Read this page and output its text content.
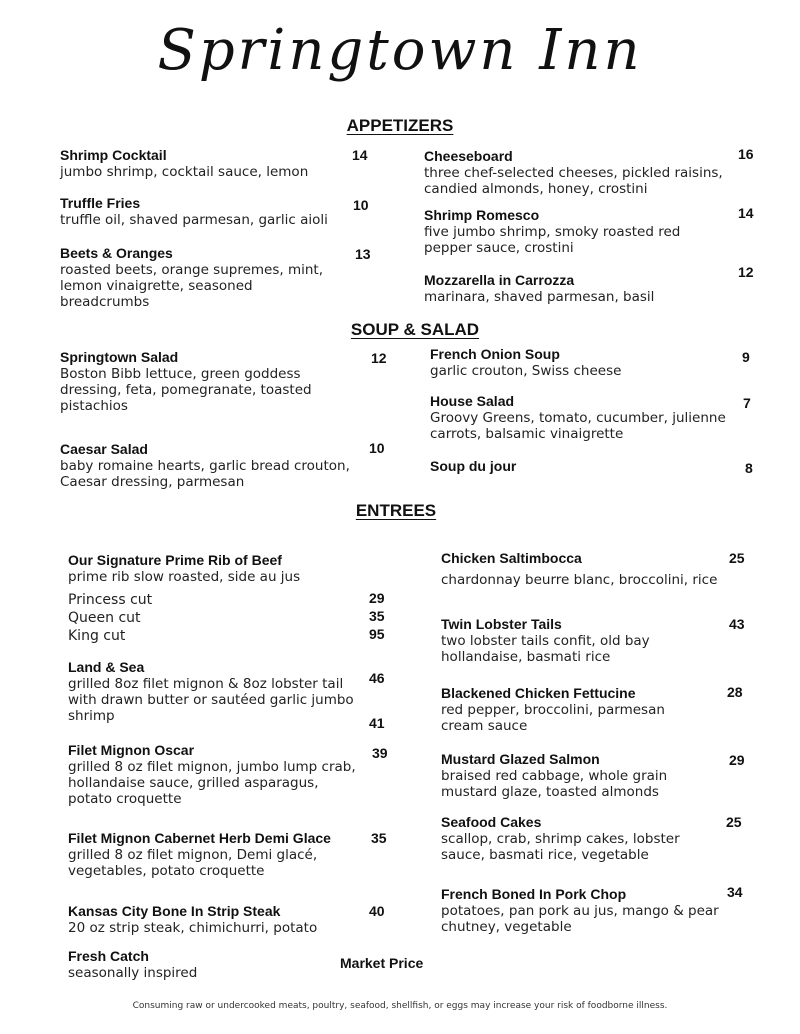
Springtown Inn
APPETIZERS
Shrimp Cocktail
jumbo shrimp, cocktail sauce, lemon
14
Truffle Fries
truffle oil, shaved parmesan, garlic aioli
10
Beets & Oranges
roasted beets, orange supremes, mint, lemon vinaigrette, seasoned breadcrumbs
13
Cheeseboard
three chef-selected cheeses, pickled raisins, candied almonds, honey, crostini
16
Shrimp Romesco
five jumbo shrimp, smoky roasted red pepper sauce, crostini
14
Mozzarella in Carrozza
marinara, shaved parmesan, basil
12
SOUP & SALAD
Springtown Salad
Boston Bibb lettuce, green goddess dressing, feta, pomegranate, toasted pistachios
12
Caesar Salad
baby romaine hearts, garlic bread crouton, Caesar dressing, parmesan
10
French Onion Soup
garlic crouton, Swiss cheese
9
House Salad
Groovy Greens, tomato, cucumber, julienne carrots, balsamic vinaigrette
7
Soup du jour	8
ENTREES
Our Signature Prime Rib of Beef
prime rib slow roasted, side au jus
Princess cut	29
Queen cut	35
King cut	95
Land & Sea
grilled 8oz filet mignon & 8oz lobster tail with drawn butter or sautéed garlic jumbo shrimp
46
41
Filet Mignon Oscar
grilled 8 oz filet mignon, jumbo lump crab, hollandaise sauce, grilled asparagus, potato croquette
39
Filet Mignon Cabernet Herb Demi Glace
grilled 8 oz filet mignon, Demi glacé, vegetables, potato croquette
35
Kansas City Bone In Strip Steak
20 oz strip steak, chimichurri, potato
40
Fresh Catch
seasonally inspired
Market Price
Chicken Saltimbocca
chardonnay beurre blanc, broccolini, rice
25
Twin Lobster Tails
two lobster tails confit, old bay hollandaise, basmati rice
43
Blackened Chicken Fettucine
red pepper, broccolini, parmesan cream sauce
28
Mustard Glazed Salmon
braised red cabbage, whole grain mustard glaze, toasted almonds
29
Seafood Cakes
scallop, crab, shrimp cakes, lobster sauce, basmati rice, vegetable
25
French Boned In Pork Chop
potatoes, pan pork au jus, mango & pear chutney, vegetable
34
Consuming raw or undercooked meats, poultry, seafood, shellfish, or eggs may increase your risk of foodborne illness.
